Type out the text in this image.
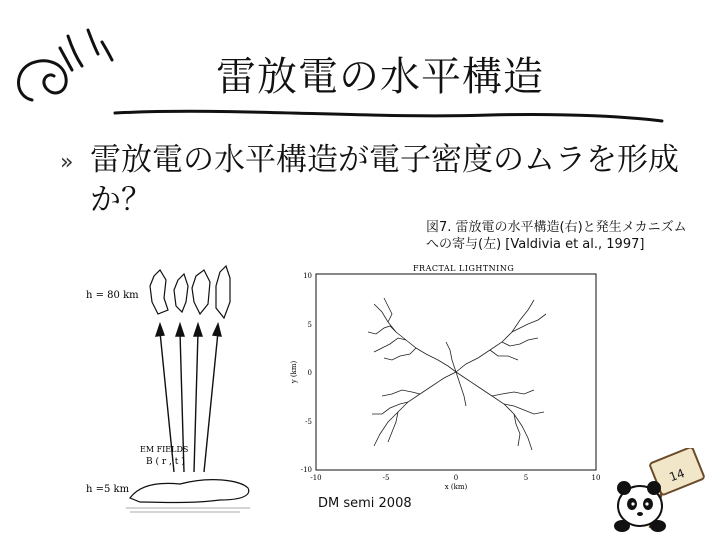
雷放電の水平構造
» 雷放電の水平構造が電子密度のムラを形成か？
図7. 雷放電の水平構造(右)と発生メカニズム
への寄与(左) [Valdivia et al., 1997]
h = 80 km
EM FIELDS
B ( r , t )
h =5 km
FRACTAL LIGHTNING
10
5
0
-5
-10
-10	-5	0	5	10
x (km)
y (km)
DM semi 2008
14
